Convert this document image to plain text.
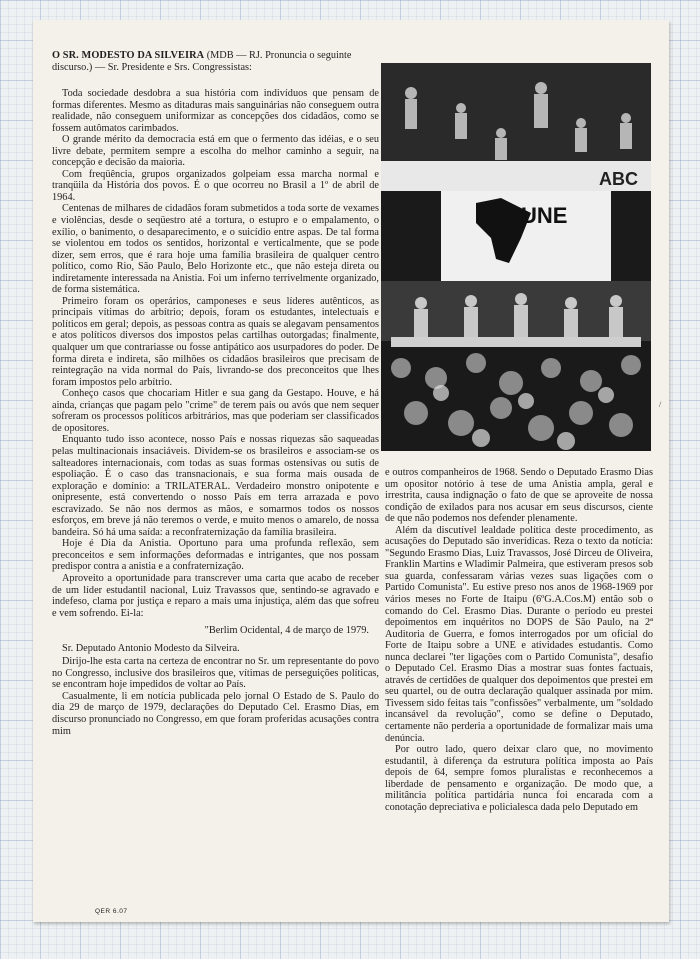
O SR. MODESTO DA SILVEIRA (MDB — RJ. Pronuncia o seguinte discurso.) — Sr. Presidente e Srs. Congressistas:

Toda sociedade desdobra a sua história com indivíduos que pensam de formas diferentes. Mesmo as ditaduras mais sanguinárias não conseguem outra realidade, não conseguem uniformizar as concepções dos cidadãos, como se fossem autômatos carimbados.

O grande mérito da democracia está em que o fermento das idéias, e o seu livre debate, permitem sempre a escolha do melhor caminho a seguir, na concepção e decisão da maioria.

Com freqüência, grupos organizados golpeiam essa marcha normal e tranqüila da História dos povos. É o que ocorreu no Brasil a 1º de abril de 1964.

Centenas de milhares de cidadãos foram submetidos a toda sorte de vexames e violências, desde o seqüestro até a tortura, o estupro e o empalamento, o exílio, o banimento, o desaparecimento, e o suicídio entre aspas. De tal forma se violentou em todos os sentidos, horizontal e verticalmente, que se pode dizer, sem erros, que é rara hoje uma família brasileira de qualquer centro político, como Rio, São Paulo, Belo Horizonte etc., que não esteja direta ou indiretamente interessada na Anistia. Foi um inferno terrivelmente organizado, de forma sistemática.

Primeiro foram os operários, camponeses e seus líderes autênticos, as principais vítimas do arbítrio; depois, foram os estudantes, intelectuais e políticos em geral; depois, as pessoas contra as quais se alegavam pensamentos e atos políticos diversos dos impostos pelas cartilhas outorgadas; finalmente, qualquer um que contrariasse ou fosse antipático aos usurpadores do poder. De forma direta e indireta, são milhões os cidadãos brasileiros que precisam de reintegração na vida normal do País, livrando-se dos preconceitos que lhes foram impostos pelo arbítrio.

Conheço casos que chocariam Hitler e sua gang da Gestapo. Houve, e há ainda, crianças que pagam pelo "crime" de terem pais ou avós que nem sequer sofreram os processos políticos arbitrários, mas que poderiam ser classificados de opositores.

Enquanto tudo isso acontece, nosso País e nossas riquezas são saqueadas pelas multinacionais insaciáveis. Dividem-se os brasileiros e associam-se os salteadores internacionais, com todas as suas formas ostensivas ou sutis de espoliação. É o caso das transnacionais, e sua forma mais ousada de exploração e domínio: a TRILATERAL. Verdadeiro monstro onipotente e onipresente, está convertendo o nosso País em terra arrazada e povo escravizado. Se não nos dermos as mãos, e somarmos todos os nossos esforços, em breve já não teremos o verde, e muito menos o amarelo, de nossa bandeira. Só há uma saída: a reconfraternização da família brasileira.

Hoje é Dia da Anistia. Oportuno para uma profunda reflexão, sem preconceitos e sem informações deformadas e intrigantes, que nos possam predispor contra a anistia e a confraternização.

Aproveito a oportunidade para transcrever uma carta que acabo de receber de um líder estudantil nacional, Luiz Travassos que, sentindo-se agravado e indefeso, clama por justiça e reparo a mais uma injustiça, além das que sofreu e vem sofrendo. Ei-la:

"Berlim Ocidental, 4 de março de 1979.

Sr. Deputado Antonio Modesto da Silveira.

Dirijo-lhe esta carta na certeza de encontrar no Sr. um representante do povo no Congresso, inclusive dos brasileiros que, vítimas de perseguições políticas, se encontram hoje impedidos de voltar ao País.

Casualmente, li em notícia publicada pelo jornal O Estado de S. Paulo do dia 29 de março de 1979, declarações do Deputado Cel. Erasmo Dias, em discurso pronunciado no Congresso, em que foram proferidas acusações contra mim

ABC
UNE

e outros companheiros de 1968. Sendo o Deputado Erasmo Dias um opositor notório à tese de uma Anistia ampla, geral e irrestrita, causa indignação o fato de que se aproveite de nossa condição de exilados para nos acusar em seus discursos, ciente de que não podemos nos defender plenamente.

Além da discutível lealdade política deste procedimento, as acusações do Deputado são inverídicas. Reza o texto da notícia: "Segundo Erasmo Dias, Luiz Travassos, José Dirceu de Oliveira, Franklin Martins e Wladimir Palmeira, que estiveram presos sob sua guarda, confessaram várias vezes suas ligações com o Partido Comunista". Eu estive preso nos anos de 1968-1969 por vários meses no Forte de Itaipu (6ºG.A.Cos.M) então sob o comando do Cel. Erasmo Dias. Durante o período eu prestei depoimentos em inquéritos no DOPS de São Paulo, na 2ª Auditoria de Guerra, e fomos interrogados por um oficial do Forte de Itaipu sobre a UNE e atividades estudantis. Como nunca declarei "ter ligações com o Partido Comunista", desafio o Deputado Cel. Erasmo Dias a mostrar suas fontes factuais, através de certidões de qualquer dos depoimentos que prestei em seu quartel, ou de outra declaração qualquer assinada por mim. Tivessem sido feitas tais "confissões" verbalmente, um "soldado incansável da revolução", como se define o Deputado, certamente não perderia a oportunidade de formalizar mais uma denúncia.

Por outro lado, quero deixar claro que, no movimento estudantil, à diferença da estrutura política imposta ao País depois de 64, sempre fomos pluralistas e reconhecemos a liberdade de pensamento e organização. De modo que, a militância política partidária nunca foi encarada com a conotação depreciativa e policialesca dada pelo Deputado em

QER 6.07
/
